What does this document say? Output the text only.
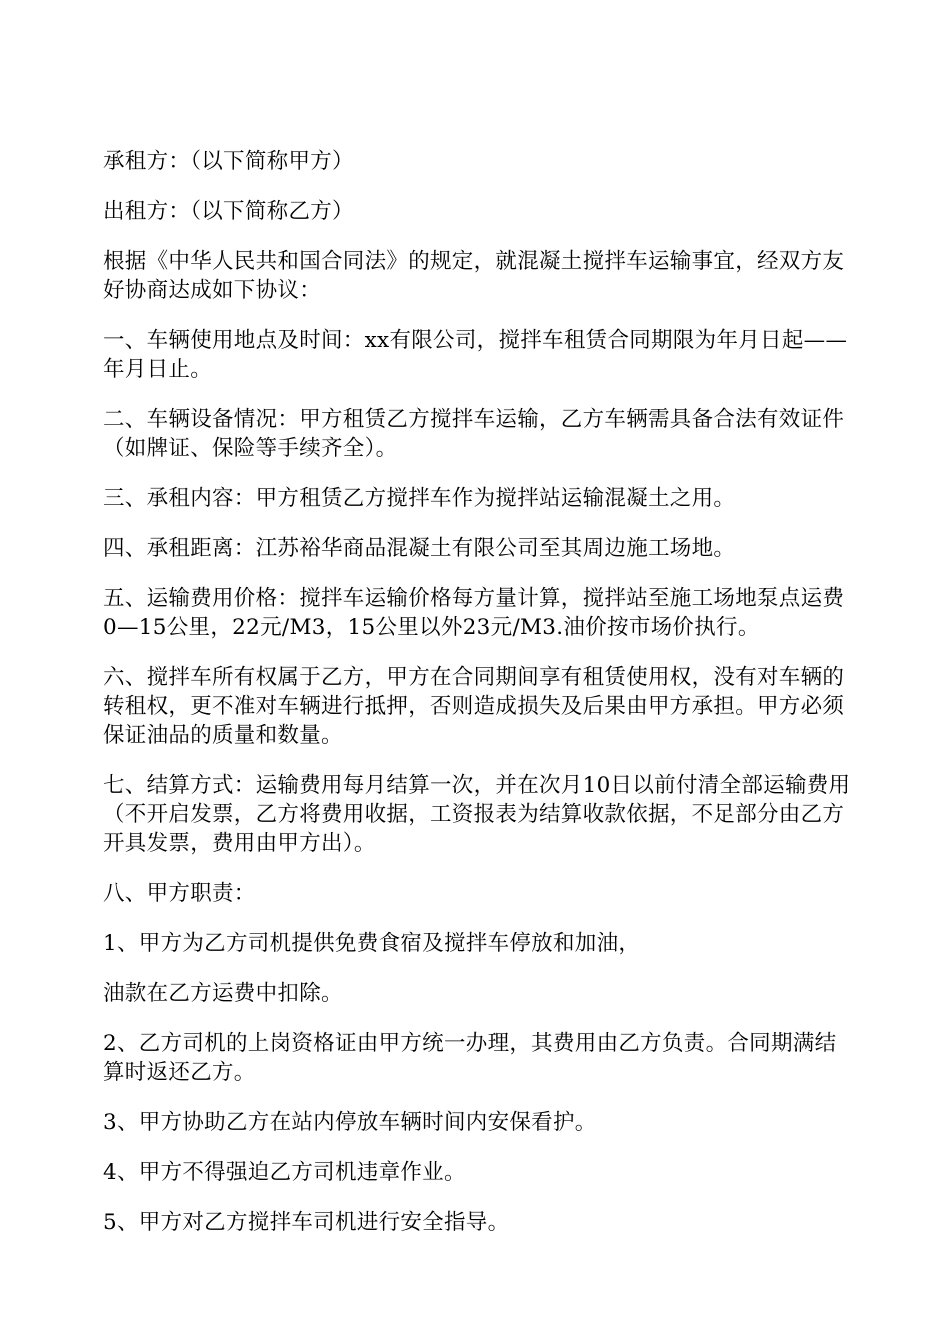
承租方：（以下简称甲方）

出租方：（以下简称乙方）

根据《中华人民共和国合同法》的规定，就混凝土搅拌车运输事宜，经双方友好协商达成如下协议：

一、车辆使用地点及时间：xx有限公司，搅拌车租赁合同期限为年月日起——年月日止。

二、车辆设备情况：甲方租赁乙方搅拌车运输，乙方车辆需具备合法有效证件（如牌证、保险等手续齐全）。

三、承租内容：甲方租赁乙方搅拌车作为搅拌站运输混凝土之用。

四、承租距离：江苏裕华商品混凝土有限公司至其周边施工场地。

五、运输费用价格：搅拌车运输价格每方量计算，搅拌站至施工场地泵点运费0—15公里，22元/M3，15公里以外23元/M3.油价按市场价执行。

六、搅拌车所有权属于乙方，甲方在合同期间享有租赁使用权，没有对车辆的转租权，更不准对车辆进行抵押，否则造成损失及后果由甲方承担。甲方必须保证油品的质量和数量。

七、结算方式：运输费用每月结算一次，并在次月10日以前付清全部运输费用（不开启发票，乙方将费用收据，工资报表为结算收款依据，不足部分由乙方开具发票，费用由甲方出）。

八、甲方职责：

1、甲方为乙方司机提供免费食宿及搅拌车停放和加油，

油款在乙方运费中扣除。

2、乙方司机的上岗资格证由甲方统一办理，其费用由乙方负责。合同期满结算时返还乙方。

3、甲方协助乙方在站内停放车辆时间内安保看护。

4、甲方不得强迫乙方司机违章作业。

5、甲方对乙方搅拌车司机进行安全指导。
